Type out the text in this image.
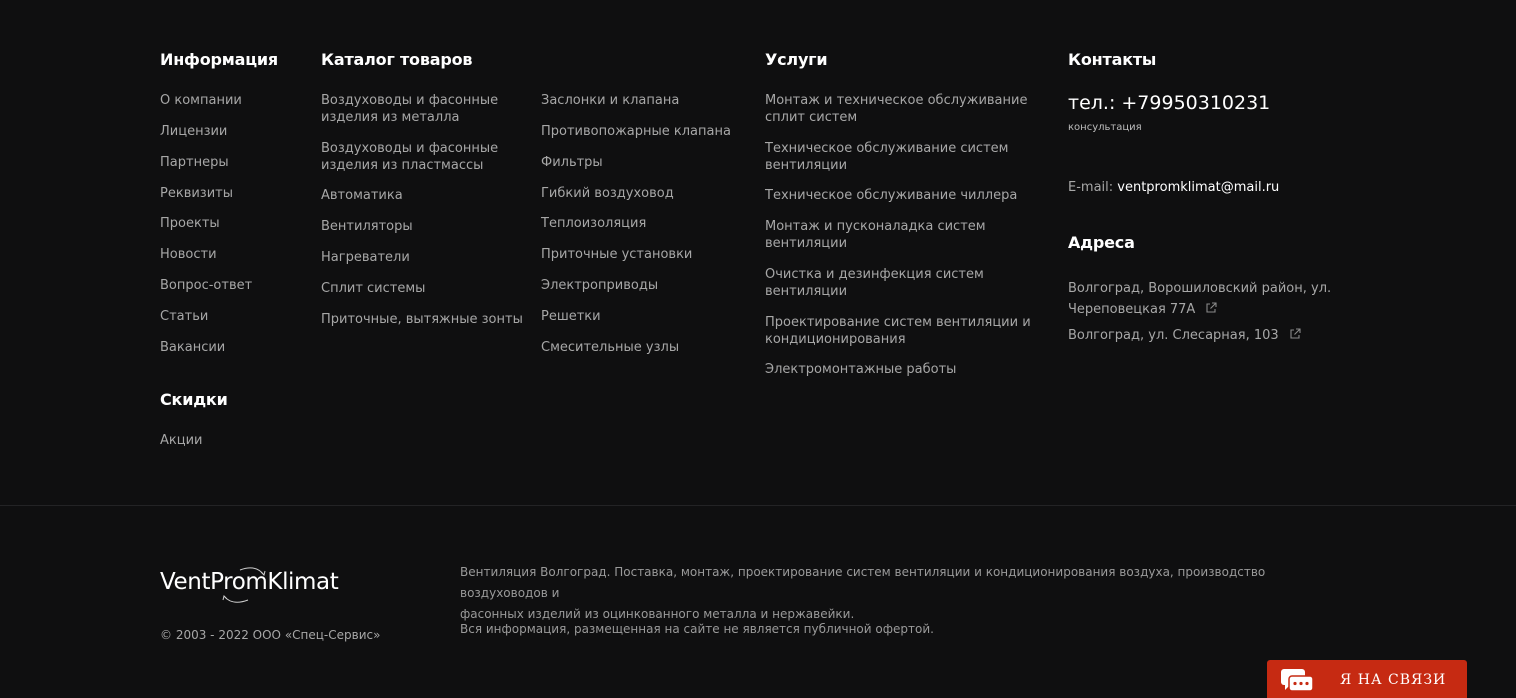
Информация
О компании
Лицензии
Партнеры
Реквизиты
Проекты
Новости
Вопрос-ответ
Статьи
Вакансии
Скидки
Акции
Каталог товаров
Воздуховоды и фасонные
изделия из металла
Воздуховоды и фасонные
изделия из пластмассы
Автоматика
Вентиляторы
Нагреватели
Сплит системы
Приточные, вытяжные зонты
Заслонки и клапана
Противопожарные клапана
Фильтры
Гибкий воздуховод
Теплоизоляция
Приточные установки
Электроприводы
Решетки
Смесительные узлы
Услуги
Монтаж и техническое обслуживание
сплит систем
Техническое обслуживание систем
вентиляции
Техническое обслуживание чиллера
Монтаж и пусконаладка систем
вентиляции
Очистка и дезинфекция систем
вентиляции
Проектирование систем вентиляции и
кондиционирования
Электромонтажные работы
Контакты
тел.: +79950310231
консультация
E-mail: ventpromklimat@mail.ru
Адреса
Волгоград, Ворошиловский район, ул.
Череповецкая 77А
Волгоград, ул. Слесарная, 103
VentPromKlimat
© 2003 - 2022 ООО «Спец-Сервис»
Вентиляция Волгоград. Поставка, монтаж, проектирование систем вентиляции и кондиционирования воздуха, производство воздуховодов и
фасонных изделий из оцинкованного металла и нержавейки.
Вся информация, размещенная на сайте не является публичной офертой.
Я НА СВЯЗИ
